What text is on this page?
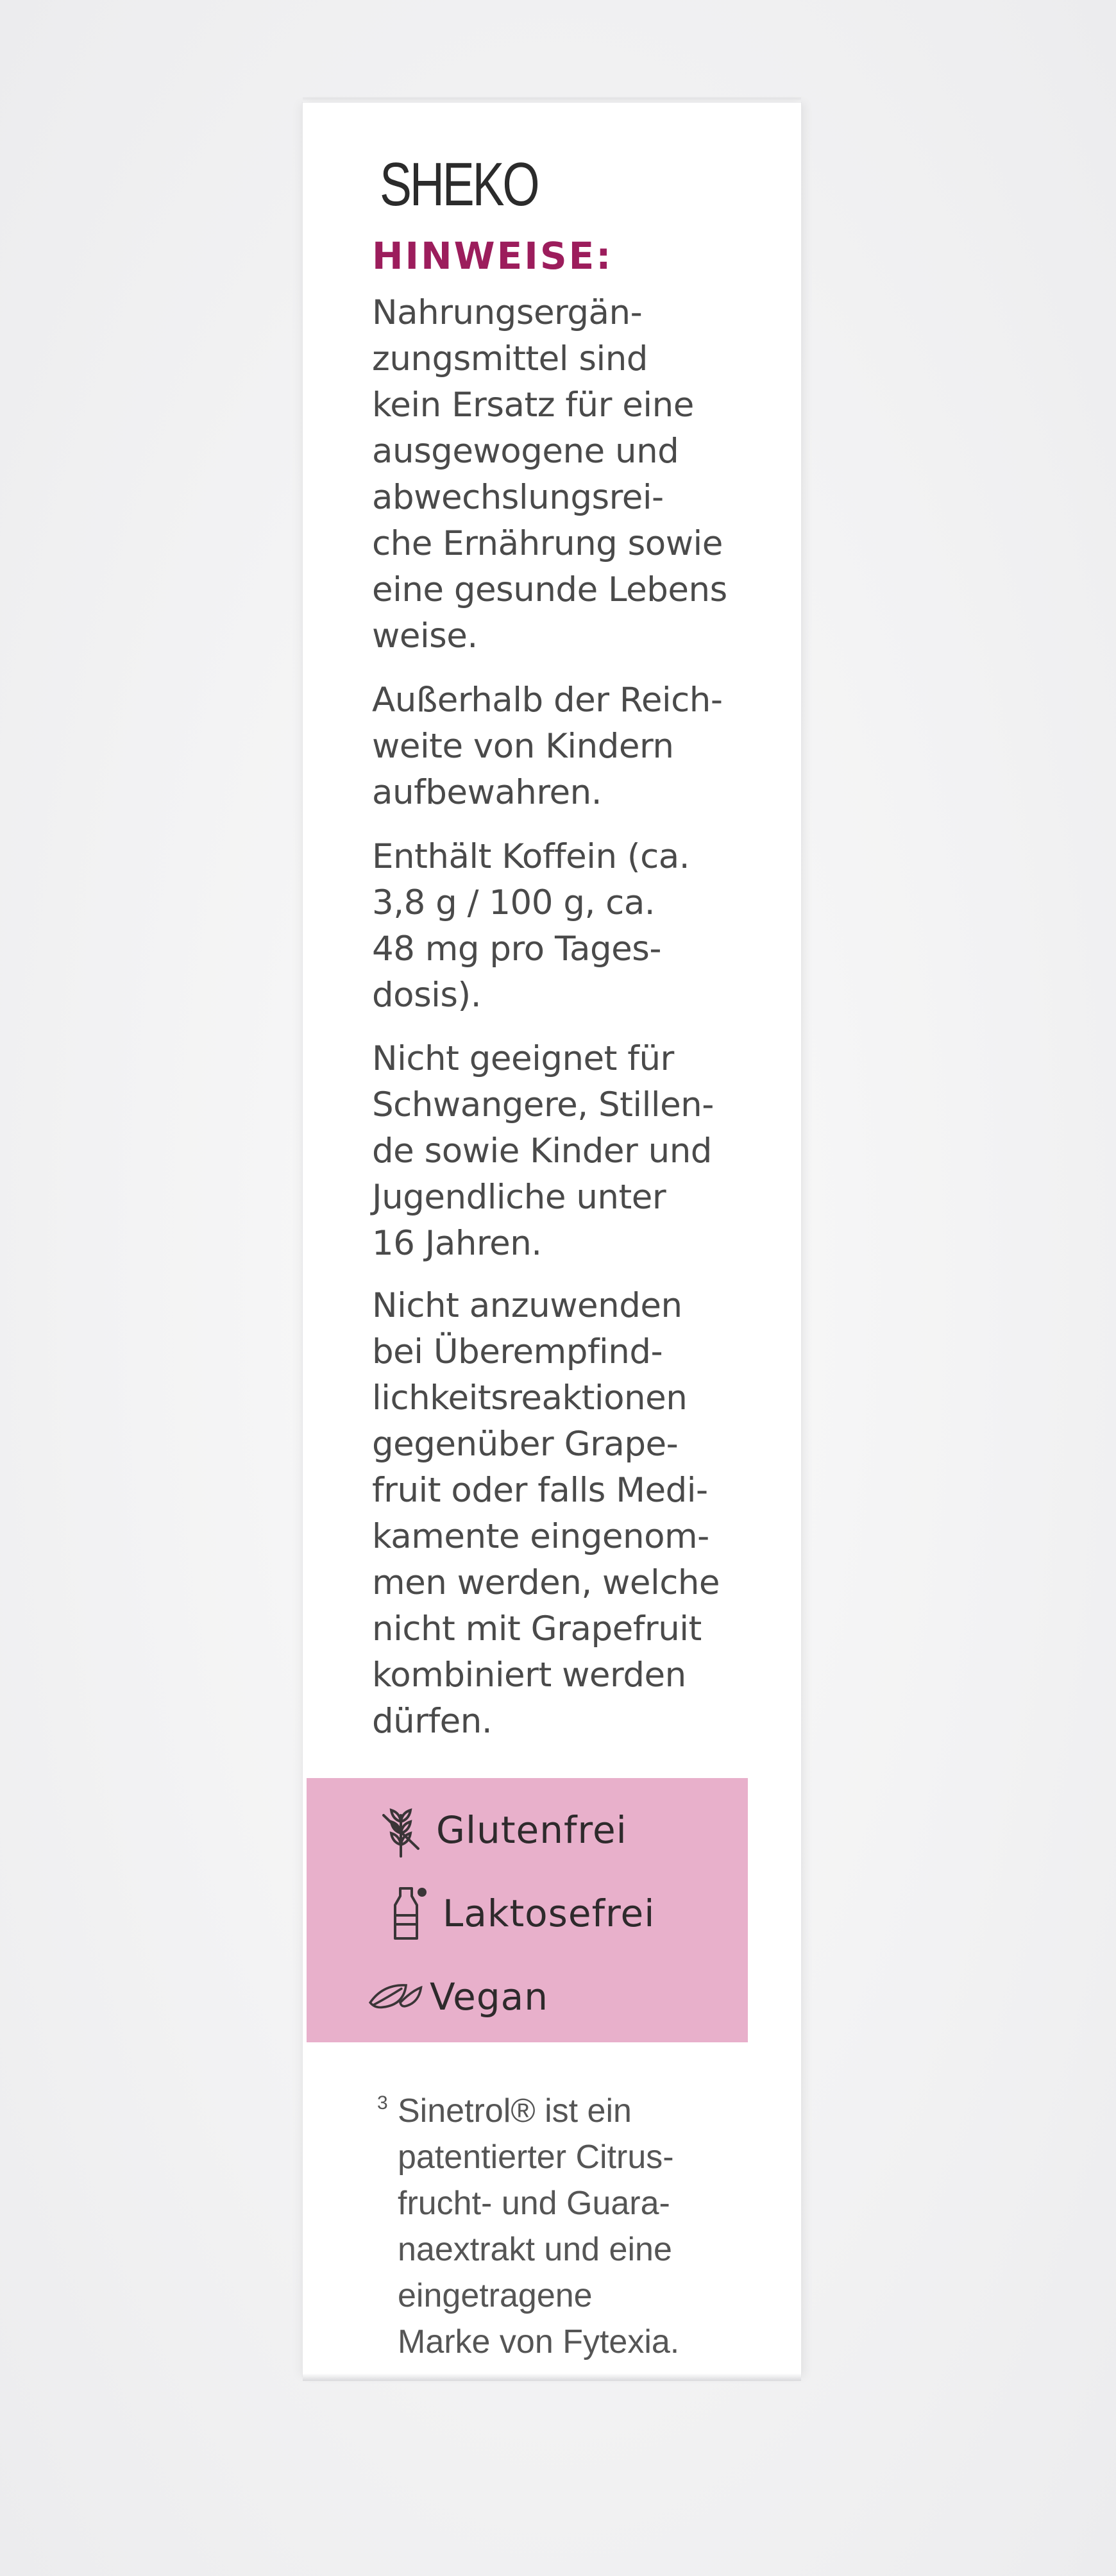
SHEKO
HINWEISE:
Nahrungsergän-
zungsmittel sind
kein Ersatz für eine
ausgewogene und
abwechslungsrei-
che Ernährung sowie
eine gesunde Lebens
weise.
Außerhalb der Reich-
weite von Kindern
aufbewahren.
Enthält Koffein (ca.
3,8 g / 100 g, ca.
48 mg pro Tages-
dosis).
Nicht geeignet für
Schwangere, Stillen-
de sowie Kinder und
Jugendliche unter
16 Jahren.
Nicht anzuwenden
bei Überempfind-
lichkeitsreaktionen
gegenüber Grape-
fruit oder falls Medi-
kamente eingenom-
men werden, welche
nicht mit Grapefruit
kombiniert werden
dürfen.
Glutenfrei
Laktosefrei
Vegan
3 Sinetrol® ist ein
patentierter Citrus-
frucht- und Guara-
naextrakt und eine
eingetragene
Marke von Fytexia.
